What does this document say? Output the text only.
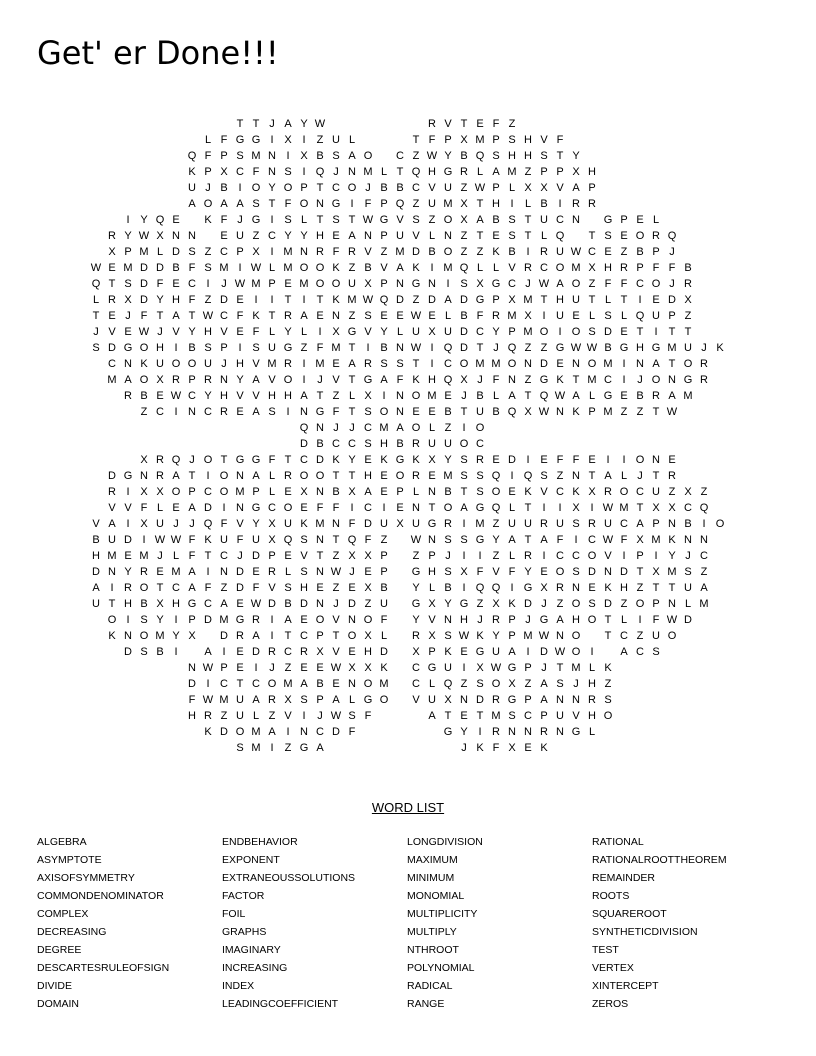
Get' er Done!!!
T T J A Y W	R V T E F Z
L F G G I X I	Z U L	T F P X M P S H V F
Q F P S M N I X B S A O	C Z W Y B Q S H H S T Y
K P X C F N S I Q J N M L T Q H G R L A M Z P P X H
U J B I O Y O P T C O J B B C V U Z W P L X X V A P
A O A A S T F O N G I	F P Q Z U M X T H I	L B I R R
I Y Q E	K F J G I S L T S T W G V S Z O X A B S T U C N	G P E L
R Y W X N N	E U Z C Y Y H E A N P U V L N Z T E S T L Q	T S E O R Q
X P M L D S Z C P X I M N R F R V Z M D B O Z Z K B I R U W C E Z B P J
W E M D D B F S M I W L M O O K Z B V A K I M Q L L V R C O M X H R P F F B
Q T S D F E C I	J W M P E M O O U X P N G N I S X G C J W A O Z F F C O J R
L R X D Y H F Z D E I	I	T	I	T K M W Q D Z D A D G P X M T H U T L T	I E D X
T E J F T A T W C F K T R A E N Z S E E W E L B F R M X I U E L S L Q U P Z
J V E W J V Y H V E F L Y L	I X G V Y L U X U D C Y P M O I O S D E T	I	T T
S D G O H I B S P I S U G Z F M T	I B N W I Q D T J Q Z Z G W W B G H G M U J K
C N K U O O U J H V M R I M E A R S S T	I C O M M O N D E N O M I N A T O R
M A O X R P R N Y A V O I	J V T G A F K H Q X J F N Z G K T M C I	J O N G R
R B E W C Y H V V H H A T Z L X I N O M E J B L A T Q W A L G E B R A M
Z C I N C R E A S I N G F T S O N E E B T U B Q X W N K P M Z Z T W
Q N J J C M A O L Z	I O
D B C C S H B R U U O C
X R Q J O T G G F T C D K Y E K G K X Y S R E D I E F F E I	I O N E
D G N R A T	I O N A L R O O T T H E O R E M S S Q I Q S Z N T A L J T R
R I X X O P C O M P L E X N B X A E P L N B T S O E K V C K X R O C U Z X Z
V V F L E A D I N G C O E F F	I C I E N T O A G Q L T	I	I X I W M T X X C Q
V A I X U J J Q F V Y X U K M N F D U X U G R I M Z U U R U S R U C A P N B I O
B U D I W W F K U F U X Q S N T Q F Z	W N S S G Y A T A F	I C W F X M K N N
H M E M J L F T C J D P E V T Z X X P	Z P J	I	I	Z L R I C C O V I P I Y J C
D N Y R E M A I N D E R L S N W J E P	G H S X F V F Y E O S D N D T X M S Z
A I R O T C A F Z D F V S H E Z E X B	Y L B I Q Q I G X R N E K H Z T T U A
U T H B X H G C A E W D B D N J D Z U	G X Y G Z X K D J Z O S D Z O P N L M
O I S Y I P D M G R I A E O V N O F	Y V N H J R P J G A H O T L	I	F W D
K N O M Y X	D R A I	T C P T O X L	R X S W K Y P M W N O	T C Z U O
D S B I	A I E D R C R X V E H D	X P K E G U A I D W O I	A C S
N W P E I	J Z E E W X X K	C G U I X W G P J T M L K
D I C T C O M A B E N O M	C L Q Z S O X Z A S J H Z
F W M U A R X S P A L G O	V U X N D R G P A N N R S
H R Z U L Z V I	J W S F	A T E T M S C P U V H O
K D O M A I N C D F	G Y I R N N R N G L
S M I	Z G A	J K F X E K
WORD LIST
ALGEBRA
ASYMPTOTE
AXISOFSYMMETRY
COMMONDENOMINATOR
COMPLEX
DECREASING
DEGREE
DESCARTESRULEOFSIGN
DIVIDE
DOMAIN
ENDBEHAVIOR
EXPONENT
EXTRANEOUSSOLUTIONS
FACTOR
FOIL
GRAPHS
IMAGINARY
INCREASING
INDEX
LEADINGCOEFFICIENT
LONGDIVISION
MAXIMUM
MINIMUM
MONOMIAL
MULTIPLICITY
MULTIPLY
NTHROOT
POLYNOMIAL
RADICAL
RANGE
RATIONAL
RATIONALROOTTHEOREM
REMAINDER
ROOTS
SQUAREROOT
SYNTHETICDIVISION
TEST
VERTEX
XINTERCEPT
ZEROS
